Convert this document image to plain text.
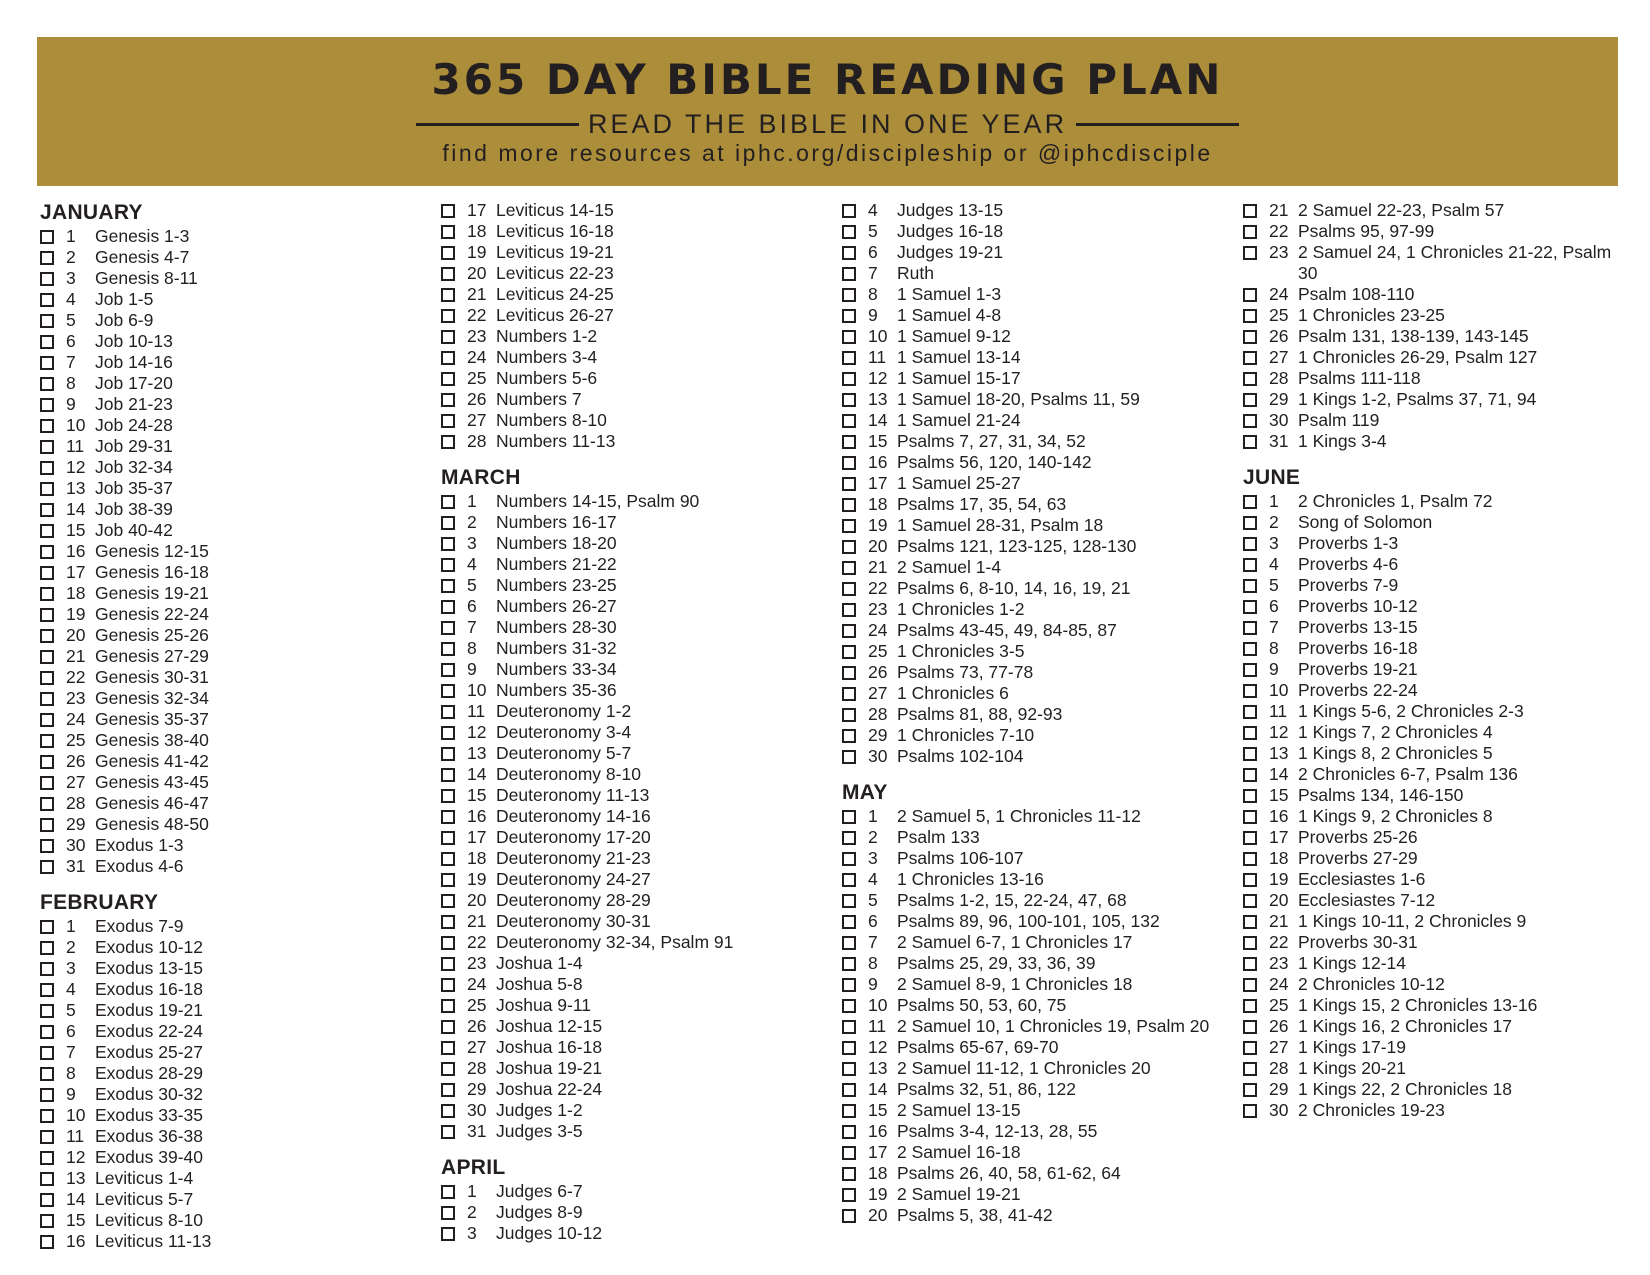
365 DAY BIBLE READING PLAN
READ THE BIBLE IN ONE YEAR
find more resources at iphc.org/discipleship or @iphcdisciple
JANUARY
1	Genesis 1-3
2	Genesis 4-7
3	Genesis 8-11
4	Job 1-5
5	Job 6-9
6	Job 10-13
7	Job 14-16
8	Job 17-20
9	Job 21-23
10 Job 24-28
11 Job 29-31
12 Job 32-34
13 Job 35-37
14 Job 38-39
15 Job 40-42
16 Genesis 12-15
17 Genesis 16-18
18 Genesis 19-21
19 Genesis 22-24
20 Genesis 25-26
21 Genesis 27-29
22 Genesis 30-31
23 Genesis 32-34
24 Genesis 35-37
25 Genesis 38-40
26 Genesis 41-42
27 Genesis 43-45
28 Genesis 46-47
29 Genesis 48-50
30 Exodus 1-3
31 Exodus 4-6
FEBRUARY
1	Exodus 7-9
2	Exodus 10-12
3	Exodus 13-15
4	Exodus 16-18
5	Exodus 19-21
6	Exodus 22-24
7	Exodus 25-27
8	Exodus 28-29
9	Exodus 30-32
10 Exodus 33-35
11 Exodus 36-38
12 Exodus 39-40
13 Leviticus 1-4
14 Leviticus 5-7
15 Leviticus 8-10
16 Leviticus 11-13
17 Leviticus 14-15
18 Leviticus 16-18
19 Leviticus 19-21
20 Leviticus 22-23
21 Leviticus 24-25
22 Leviticus 26-27
23 Numbers 1-2
24 Numbers 3-4
25 Numbers 5-6
26 Numbers 7
27 Numbers 8-10
28 Numbers 11-13
MARCH
1	Numbers 14-15, Psalm 90
2	Numbers 16-17
3	Numbers 18-20
4	Numbers 21-22
5	Numbers 23-25
6	Numbers 26-27
7	Numbers 28-30
8	Numbers 31-32
9	Numbers 33-34
10 Numbers 35-36
11 Deuteronomy 1-2
12 Deuteronomy 3-4
13 Deuteronomy 5-7
14 Deuteronomy 8-10
15 Deuteronomy 11-13
16 Deuteronomy 14-16
17 Deuteronomy 17-20
18 Deuteronomy 21-23
19 Deuteronomy 24-27
20 Deuteronomy 28-29
21 Deuteronomy 30-31
22 Deuteronomy 32-34, Psalm 91
23 Joshua 1-4
24 Joshua 5-8
25 Joshua 9-11
26 Joshua 12-15
27 Joshua 16-18
28 Joshua 19-21
29 Joshua 22-24
30 Judges 1-2
31 Judges 3-5
APRIL
1	Judges 6-7
2	Judges 8-9
3	Judges 10-12
4	Judges 13-15
5	Judges 16-18
6	Judges 19-21
7	Ruth
8	1 Samuel 1-3
9	1 Samuel 4-8
10 1 Samuel 9-12
11 1 Samuel 13-14
12 1 Samuel 15-17
13 1 Samuel 18-20, Psalms 11, 59
14 1 Samuel 21-24
15 Psalms 7, 27, 31, 34, 52
16 Psalms 56, 120, 140-142
17 1 Samuel 25-27
18 Psalms 17, 35, 54, 63
19 1 Samuel 28-31, Psalm 18
20 Psalms 121, 123-125, 128-130
21 2 Samuel 1-4
22 Psalms 6, 8-10, 14, 16, 19, 21
23 1 Chronicles 1-2
24 Psalms 43-45, 49, 84-85, 87
25 1 Chronicles 3-5
26 Psalms 73, 77-78
27 1 Chronicles 6
28 Psalms 81, 88, 92-93
29 1 Chronicles 7-10
30 Psalms 102-104
MAY
1	2 Samuel 5, 1 Chronicles 11-12
2	Psalm 133
3	Psalms 106-107
4	1 Chronicles 13-16
5	Psalms 1-2, 15, 22-24, 47, 68
6	Psalms 89, 96, 100-101, 105, 132
7	2 Samuel 6-7, 1 Chronicles 17
8	Psalms 25, 29, 33, 36, 39
9	2 Samuel 8-9, 1 Chronicles 18
10 Psalms 50, 53, 60, 75
11 2 Samuel 10, 1 Chronicles 19, Psalm 20
12 Psalms 65-67, 69-70
13 2 Samuel 11-12, 1 Chronicles 20
14 Psalms 32, 51, 86, 122
15 2 Samuel 13-15
16 Psalms 3-4, 12-13, 28, 55
17 2 Samuel 16-18
18 Psalms 26, 40, 58, 61-62, 64
19 2 Samuel 19-21
20 Psalms 5, 38, 41-42
21 2 Samuel 22-23, Psalm 57
22 Psalms 95, 97-99
23 2 Samuel 24, 1 Chronicles 21-22, Psalm 30
24 Psalm 108-110
25 1 Chronicles 23-25
26 Psalm 131, 138-139, 143-145
27 1 Chronicles 26-29, Psalm 127
28 Psalms 111-118
29 1 Kings 1-2, Psalms 37, 71, 94
30 Psalm 119
31 1 Kings 3-4
JUNE
1	2 Chronicles 1, Psalm 72
2	Song of Solomon
3	Proverbs 1-3
4	Proverbs 4-6
5	Proverbs 7-9
6	Proverbs 10-12
7	Proverbs 13-15
8	Proverbs 16-18
9	Proverbs 19-21
10 Proverbs 22-24
11 1 Kings 5-6, 2 Chronicles 2-3
12 1 Kings 7, 2 Chronicles 4
13 1 Kings 8, 2 Chronicles 5
14 2 Chronicles 6-7, Psalm 136
15 Psalms 134, 146-150
16 1 Kings 9, 2 Chronicles 8
17 Proverbs 25-26
18 Proverbs 27-29
19 Ecclesiastes 1-6
20 Ecclesiastes 7-12
21 1 Kings 10-11, 2 Chronicles 9
22 Proverbs 30-31
23 1 Kings 12-14
24 2 Chronicles 10-12
25 1 Kings 15, 2 Chronicles 13-16
26 1 Kings 16, 2 Chronicles 17
27 1 Kings 17-19
28 1 Kings 20-21
29 1 Kings 22, 2 Chronicles 18
30 2 Chronicles 19-23
